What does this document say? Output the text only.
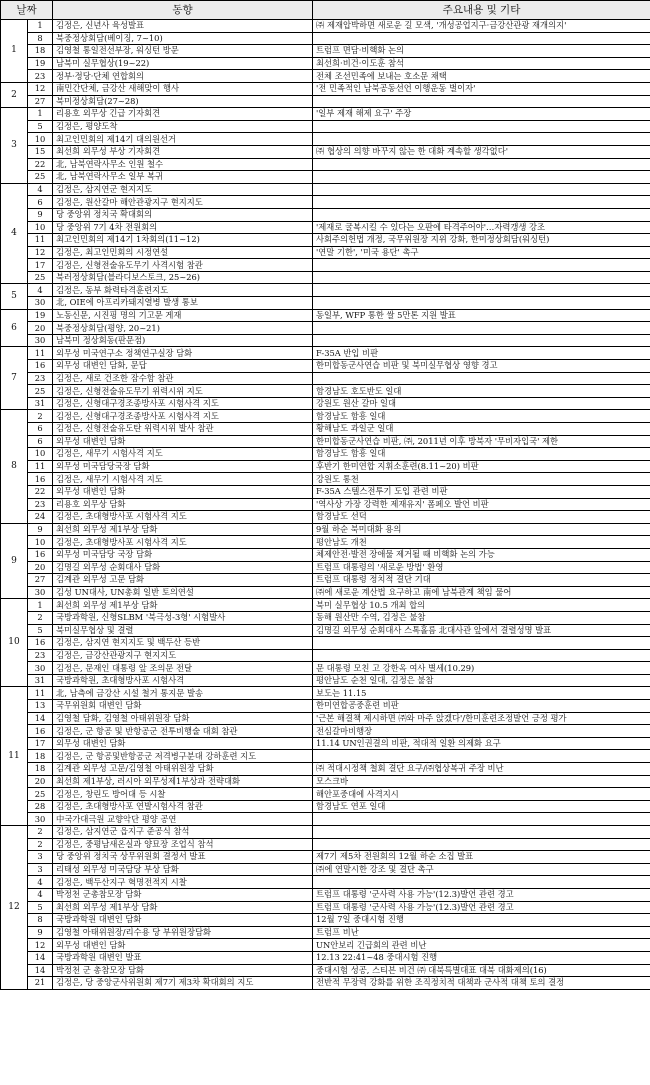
날짜		동향	주요내용 및 기타
1	1	김정은, 신년사 육성발표	㈜ 제재압박하면 새로운 길 모색, '개성공업지구·금강산관광 재개의지'
	8	북중정상회담(베이징, 7~10)	
	18	김영철 통일전선부장, 워싱턴 방문	트럼프 면담·비핵화 논의
	19	남북미 실무협상(19~22)	최선희·비건·이도훈 참석
	23	정부·정당·단체 연합회의	전체 조선민족에 보내는 호소문 채택
2	12	南민간단체, 금강산 새해맞이 행사	'전 민족적인 남북공동선언 이행운동 벌이자'
	27	북미정상회담(27~28)	
3	1	리용호 외무상 긴급 기자회견	'일부 제재 해제 요구' 주장
	5	김정은, 평양도착	
	10	최고인민회의 제14기 대의원선거	
	15	최선희 외무성 부상 기자회견	㈜ 협상의 의향 바꾸지 않는 한 대화 계속할 생각없다'
	22	北, 남북연락사무소 인원 철수	
	25	北, 남북연락사무소 일부 복귀	
4	4	김정은, 삼지연군 현지지도	
	6	김정은, 원산갈마 해안관광지구 현지지도	
	9	당 중앙위 정치국 확대회의	
	10	당 중앙위 7기 4차 전원회의	'제재로 굴복시킬 수 있다는 오판에 타격주어야'…자력갱생 강조
	11	최고인민회의 제14기 1차회의(11~12)	사회주의헌법 개정, 국무위원장 지위 강화, 한미정상회담(워싱턴)
	12	김정은, 최고인민회의 시정연설	'연말 기한', '미국 용단' 촉구
	17	김정은, 신형전술유도무기 사격시험 참관	
	25	북러정상회담(블라디보스토크, 25~26)	
5	4	김정은, 동부 화력타격훈련지도	
	30	北, OIE에 아프리카돼지열병 발생 통보	
6	19	노동신문, 시진핑 명의 기고문 게재	동일부, WFP 통한 쌀 5만톤 지원 발표
	20	북중정상회담(평양, 20~21)	
	30	남북미 정상회동(판문점)	
7	11	외무성 미국연구소 정책연구실장 담화	F-35A 반입 비판
	16	외무성 대변인 담화, 문답	한미합동군사연습 비판 및 북미실무협상 영향 경고
	23	김정은, 새로 건조한 잠수함 참관	
	25	김정은, 신형전술유도무기 위력시위 지도	함경남도 호도반도 일대
	31	김정은, 신형대구경조종방사포 시험사격 지도	강원도 원산 갈마 일대
8	2	김정은, 신형대구경조종방사포 시험사격 지도	함경남도 함흥 일대
	6	김정은, 신형전술유도탄 위력시위 발사 참관	황해남도 과일군 일대
	6	외무성 대변인 담화	한미합동군사연습 비판, ㈜, 2011년 이후 방북자 '무비자입국' 제한
	10	김정은, 새무기 시험사격 지도	함경남도 함흥 일대
	11	외무성 미국담당국장 담화	후반기 한미연합 지휘소훈련(8.11~20) 비판
	16	김정은, 새무기 시험사격 지도	강원도 통천
	22	외무성 대변인 담화	F-35A 스텔스전투기 도입 관련 비판
	23	리용호 외무상 담화	'역사상 가장 강력한 제재유지' 폼페오 발언 비판
	24	김정은, 초대형방사포 시험사격 지도	함경남도 선덕
9	9	최선희 외무성 제1부상 담화	9월 하순 북미대화 용의
	10	김정은, 초대형방사포 시험사격 지도	평안남도 개천
	16	외무성 미국담당 국장 담화	체제안전·발전 장애물 제거될 때 비핵화 논의 가능
	20	김명길 외무성 순회대사 담화	트럼프 대통령의 '새로운 방법' 환영
	27	김계관 외무성 고문 담화	트럼프 대통령 정치적 결단 기대
	30	김성 UN대사, UN총회 일반 토의연설	㈜에 새로운 계산법 요구하고 南에 남북관계 책임 물어
10	1	최선희 외무성 제1부상 담화	북미 실무협상 10.5 개최 합의
	2	국방과학원, 신형SLBM '북극성-3형' 시험발사	동해 원산만 수역, 김정은 불참
	5	북미실무협상 및 결렬	김명길 외무성 순회대사 스톡홀름 北대사관 앞에서 결렬성명 발표
	16	김정은, 삼지연 현지지도 및 백두산 등반	
	23	김정은, 금강산관광지구 현지지도	
	30	김정은, 문재인 대통령 앞 조의문 전달	문 대통령 모친 고 강한옥 여사 별세(10.29)
	31	국방과학원, 초대형방사포 시험사격	평안남도 순천 일대, 김정은 불참
11	11	北, 남측에 금강산 시설 철거 통지문 발송	보도는 11.15
	13	국무위원회 대변인 담화	한미연합공중훈련 비판
	14	김영철 담화, 김영철 아태위원장 담화	'근본 해결책 제시하면 ㈜와 마주 앉겠다'/한미훈련조정발언 긍정 평가
	16	김정은, 군 항공 및 반항공군 전투비행술 대회 참관	전심갈마비행장
	17	외무성 대변인 담화	11.14 UN인권결의 비판, 적대적 일환 의제화 요구
	18	김정은, 군 항공및반항공군 저격병구분대 강하훈련 지도	
	18	김계관 외무성 고문/김영철 아태위원장 담화	㈜ 적대시정책 철회 결단 요구/㈜협상복귀 주장 비난
	20	최선희 제1부상, 러시아 외무성제1부상과 전략대화	모스크바
	25	김정은, 창린도 방어대 등 시찰	해안포중대에 사격지시
	28	김정은, 초대형방사포 연발시험사격 참관	함경남도 연포 일대
	30	中국가대극원 교향악단 평양 공연	
12	2	김정은, 삼지연군 읍지구 준공식 참석	
	2	김정은, 중평남새온실과 양묘장 조업식 참석	
	3	당 중앙위 정치국 상무위원회 결정서 발표	제7기 제5차 전원회의 12월 하순 소집 발표
	3	리태성 외무성 미국담당 부상 담화	㈜에 연말시한 강조 및 결단 촉구
	4	김정은, 백두산지구 혁명전적지 시찰	
	4	박정천 군총참모장 담화	트럼프 대통령 '군사력 사용 가능'(12.3)발언 관련 경고
	5	최선희 외무성 제1부상 담화	트럼프 대통령 '군사력 사용 가능'(12.3)발언 관련 경고
	8	국방과학원 대변인 담화	12월 7일 중대시험 진행
	9	김영철 아태위원장/리수용 당 부위원장담화	트럼프 비난
	12	외무성 대변인 담화	UN안보리 긴급회의 관련 비난
	14	국방과학원 대변인 발표	12.13 22:41~48 중대시험 진행
	14	박정천 군 총참모장 담화	중대시험 성공, 스티븐 비건 ㈜ 대북특별대표 대북 대화제의(16)
	21	김정은, 당 중앙군사위원회 제7기 제3차 확대회의 지도	전반적 무장력 강화를 위한 조직정치적 대책과 군사적 대책 토의 결정
